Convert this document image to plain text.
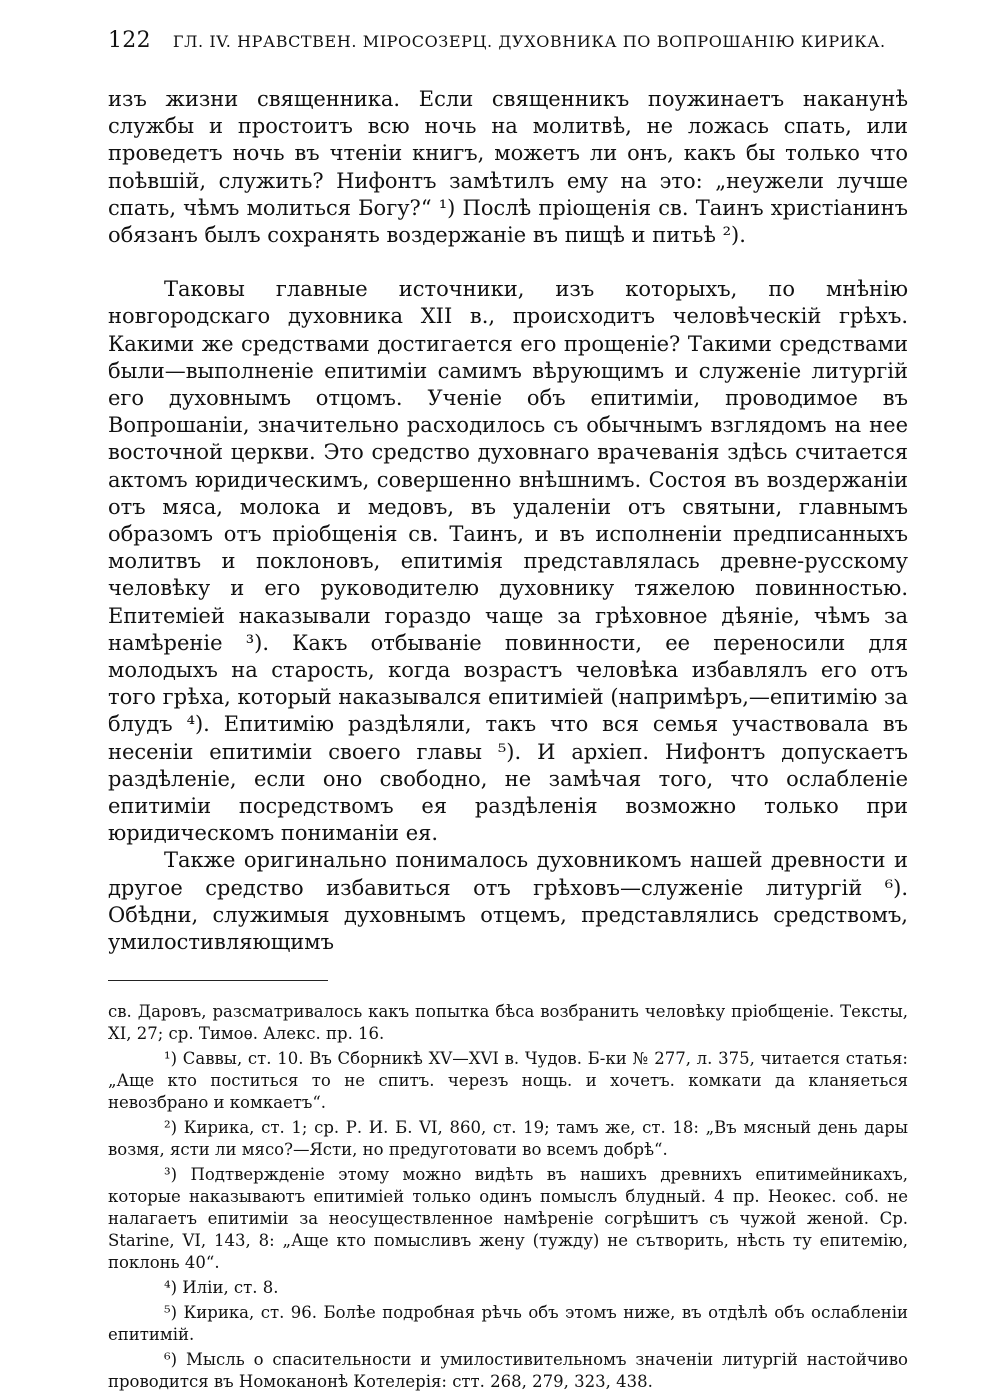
122 ГЛ. IV. НРАВСТВЕН. МІРОСОЗЕРЦ. ДУХОВНИКА ПО ВОПРОШАНІЮ КИРИКА.

изъ жизни священника. Если священникъ поужинаетъ наканунѣ службы и простоитъ всю ночь на молитвѣ, не ложась спать, или проведетъ ночь въ чтеніи книгъ, можетъ ли онъ, какъ бы только что поѣвшій, служить? Нифонтъ замѣтилъ ему на это: „неужели лучше спать, чѣмъ молиться Богу?“ ¹) Послѣ пріощенія св. Таинъ христіанинъ обязанъ былъ сохранять воздержаніе въ пищѣ и питьѣ ²).

Таковы главные источники, изъ которыхъ, по мнѣнію новгородскаго духовника XII в., происходитъ человѣческій грѣхъ. Какими же средствами достигается его прощеніе? Такими средствами были—выполненіе епитиміи самимъ вѣрующимъ и служеніе литургій его духовнымъ отцомъ. Ученіе объ епитиміи, проводимое въ Вопрошаніи, значительно расходилось съ обычнымъ взглядомъ на нее восточной церкви. Это средство духовнаго врачеванія здѣсь считается актомъ юридическимъ, совершенно внѣшнимъ. Состоя въ воздержаніи отъ мяса, молока и медовъ, въ удаленіи отъ святыни, главнымъ образомъ отъ пріобщенія св. Таинъ, и въ исполненіи предписанныхъ молитвъ и поклоновъ, епитимія представлялась древне-русскому человѣку и его руководителю духовнику тяжелою повинностью. Епитеміей наказывали гораздо чаще за грѣховное дѣяніе, чѣмъ за намѣреніе ³). Какъ отбываніе повинности, ее переносили для молодыхъ на старость, когда возрастъ человѣка избавлялъ его отъ того грѣха, который наказывался епитиміей (напримѣръ,—епитимію за блудъ ⁴). Епитимію раздѣляли, такъ что вся семья участвовала въ несеніи епитиміи своего главы ⁵). И архіеп. Нифонтъ допускаетъ раздѣленіе, если оно свободно, не замѣчая того, что ослабленіе епитиміи посредствомъ ея раздѣленія возможно только при юридическомъ пониманіи ея.

Также оригинально понималось духовникомъ нашей древности и другое средство избавиться отъ грѣховъ—служеніе литургій ⁶). Обѣдни, служимыя духовнымъ отцемъ, представлялись средствомъ, умилостивляющимъ

св. Даровъ, разсматривалось какъ попытка бѣса возбранить человѣку пріобщеніе. Тексты, XI, 27; ср. Тимоѳ. Алекс. пр. 16.

¹) Саввы, ст. 10. Въ Сборникѣ XV—XVI в. Чудов. Б-ки № 277, л. 375, читается статья: „Аще кто поститься то не спитъ. черезъ нощь. и хочетъ. комкати да кланяеться невозбрано и комкаетъ“.

²) Кирика, ст. 1; ср. Р. И. Б. VI, 860, ст. 19; тамъ же, ст. 18: „Въ мясный день дары возмя, ясти ли мясо?—Ясти, но предуготовати во всемъ добрѣ“.

³) Подтвержденіе этому можно видѣть въ нашихъ древнихъ епитимейникахъ, которые наказываютъ епитиміей только одинъ помыслъ блудный. 4 пр. Неокес. соб. не налагаетъ епитиміи за неосуществленное намѣреніе согрѣшитъ съ чужой женой. Ср. Starine, VI, 143, 8: „Аще кто помысливъ жену (тужду) не сътворить, нѣсть ту епитемію, поклонь 40“.

⁴) Иліи, ст. 8.

⁵) Кирика, ст. 96. Болѣе подробная рѣчь объ этомъ ниже, въ отдѣлѣ объ ослабленіи епитимій.

⁶) Мысль о спасительности и умилостивительномъ значеніи литургій настойчиво проводится въ Номоканонѣ Котелерія: стт. 268, 279, 323, 438.
